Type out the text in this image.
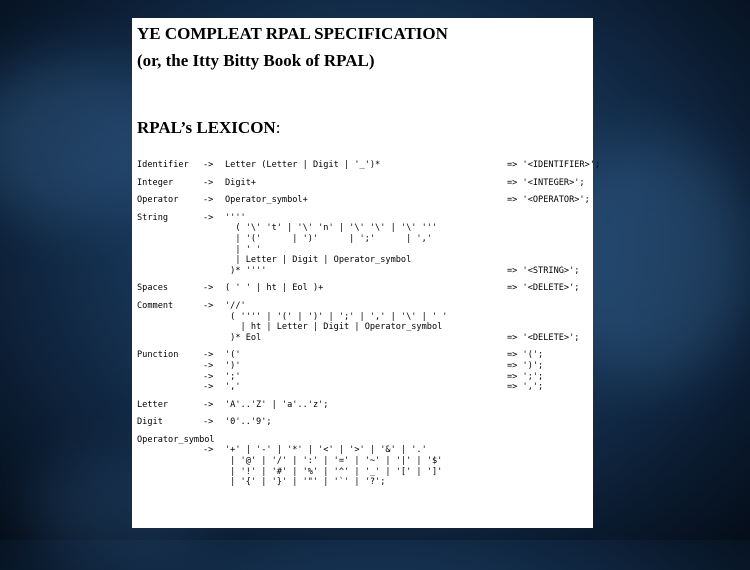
YE COMPLEAT RPAL SPECIFICATION
(or, the Itty Bitty Book of RPAL)
RPAL’s LEXICON:
Identifier	->	Letter (Letter | Digit | '_')*	=> '<IDENTIFIER>';
Integer	->	Digit+	=> '<INTEGER>';
Operator	->	Operator_symbol+	=> '<OPERATOR>';
String	->	''''
( '\' 't' | '\' 'n' | '\' '\' | '\' '''
| '('      | ')'      | ';'      | ','
| ' '
| Letter | Digit | Operator_symbol
)* ''''	=> '<STRING>';
Spaces	->	( ' ' | ht | Eol )+	=> '<DELETE>';
Comment	->	'//'
( '''' | '(' | ')' | ';' | ',' | '\' | ' '
| ht | Letter | Digit | Operator_symbol
)* Eol	=> '<DELETE>';
Punction	->	'('	=> '(';
->	')'	=> ')';
->	';'	=> ';';
->	','	=> ',';
Letter	->	'A'..'Z' | 'a'..'z';
Digit	->	'0'..'9';
Operator_symbol
->	'+' | '-' | '*' | '<' | '>' | '&' | '.'
| '@' | '/' | ':' | '=' | '~' | '|' | '$'
| '!' | '#' | '%' | '^' | '_' | '[' | ']'
| '{' | '}' | '"' | '`' | '?';
